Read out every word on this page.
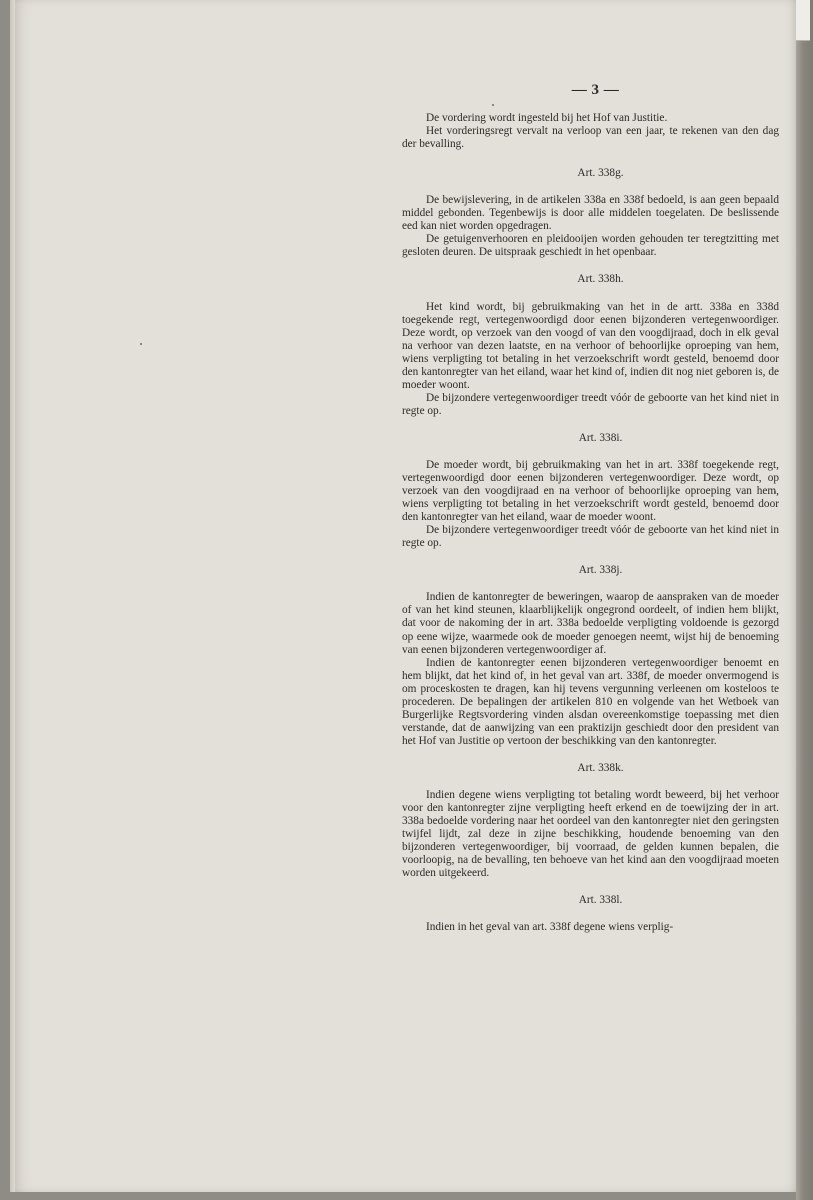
— 3 —

De vordering wordt ingesteld bij het Hof van Justitie.

Het vorderingsregt vervalt na verloop van een jaar, te rekenen van den dag der bevalling.

Art. 338g.

De bewijslevering, in de artikelen 338a en 338f bedoeld, is aan geen bepaald middel gebonden. Tegenbewijs is door alle middelen toegelaten. De beslissende eed kan niet worden opgedragen.

De getuigenverhooren en pleidooijen worden gehouden ter teregtzitting met gesloten deuren. De uitspraak geschiedt in het openbaar.

Art. 338h.

Het kind wordt, bij gebruikmaking van het in de artt. 338a en 338d toegekende regt, vertegenwoordigd door eenen bijzonderen vertegenwoordiger. Deze wordt, op verzoek van den voogd of van den voogdijraad, doch in elk geval na verhoor van dezen laatste, en na verhoor of behoorlijke oproeping van hem, wiens verpligting tot betaling in het verzoekschrift wordt gesteld, benoemd door den kantonregter van het eiland, waar het kind of, indien dit nog niet geboren is, de moeder woont.

De bijzondere vertegenwoordiger treedt vóór de geboorte van het kind niet in regte op.

Art. 338i.

De moeder wordt, bij gebruikmaking van het in art. 338f toegekende regt, vertegenwoordigd door eenen bijzonderen vertegenwoordiger. Deze wordt, op verzoek van den voogdijraad en na verhoor of behoorlijke oproeping van hem, wiens verpligting tot betaling in het verzoekschrift wordt gesteld, benoemd door den kantonregter van het eiland, waar de moeder woont.

De bijzondere vertegenwoordiger treedt vóór de geboorte van het kind niet in regte op.

Art. 338j.

Indien de kantonregter de beweringen, waarop de aanspraken van de moeder of van het kind steunen, klaarblijkelijk ongegrond oordeelt, of indien hem blijkt, dat voor de nakoming der in art. 338a bedoelde verpligting voldoende is gezorgd op eene wijze, waarmede ook de moeder genoegen neemt, wijst hij de benoeming van eenen bijzonderen vertegenwoordiger af.

Indien de kantonregter eenen bijzonderen vertegenwoordiger benoemt en hem blijkt, dat het kind of, in het geval van art. 338f, de moeder onvermogend is om proceskosten te dragen, kan hij tevens vergunning verleenen om kosteloos te procederen. De bepalingen der artikelen 810 en volgende van het Wetboek van Burgerlijke Regtsvordering vinden alsdan overeenkomstige toepassing met dien verstande, dat de aanwijzing van een praktizijn geschiedt door den president van het Hof van Justitie op vertoon der beschikking van den kantonregter.

Art. 338k.

Indien degene wiens verpligting tot betaling wordt beweerd, bij het verhoor voor den kantonregter zijne verpligting heeft erkend en de toewijzing der in art. 338a bedoelde vordering naar het oordeel van den kantonregter niet den geringsten twijfel lijdt, zal deze in zijne beschikking, houdende benoeming van den bijzonderen vertegenwoordiger, bij voorraad, de gelden kunnen bepalen, die voorloopig, na de bevalling, ten behoeve van het kind aan den voogdijraad moeten worden uitgekeerd.

Art. 338l.

Indien in het geval van art. 338f degene wiens verplig-
